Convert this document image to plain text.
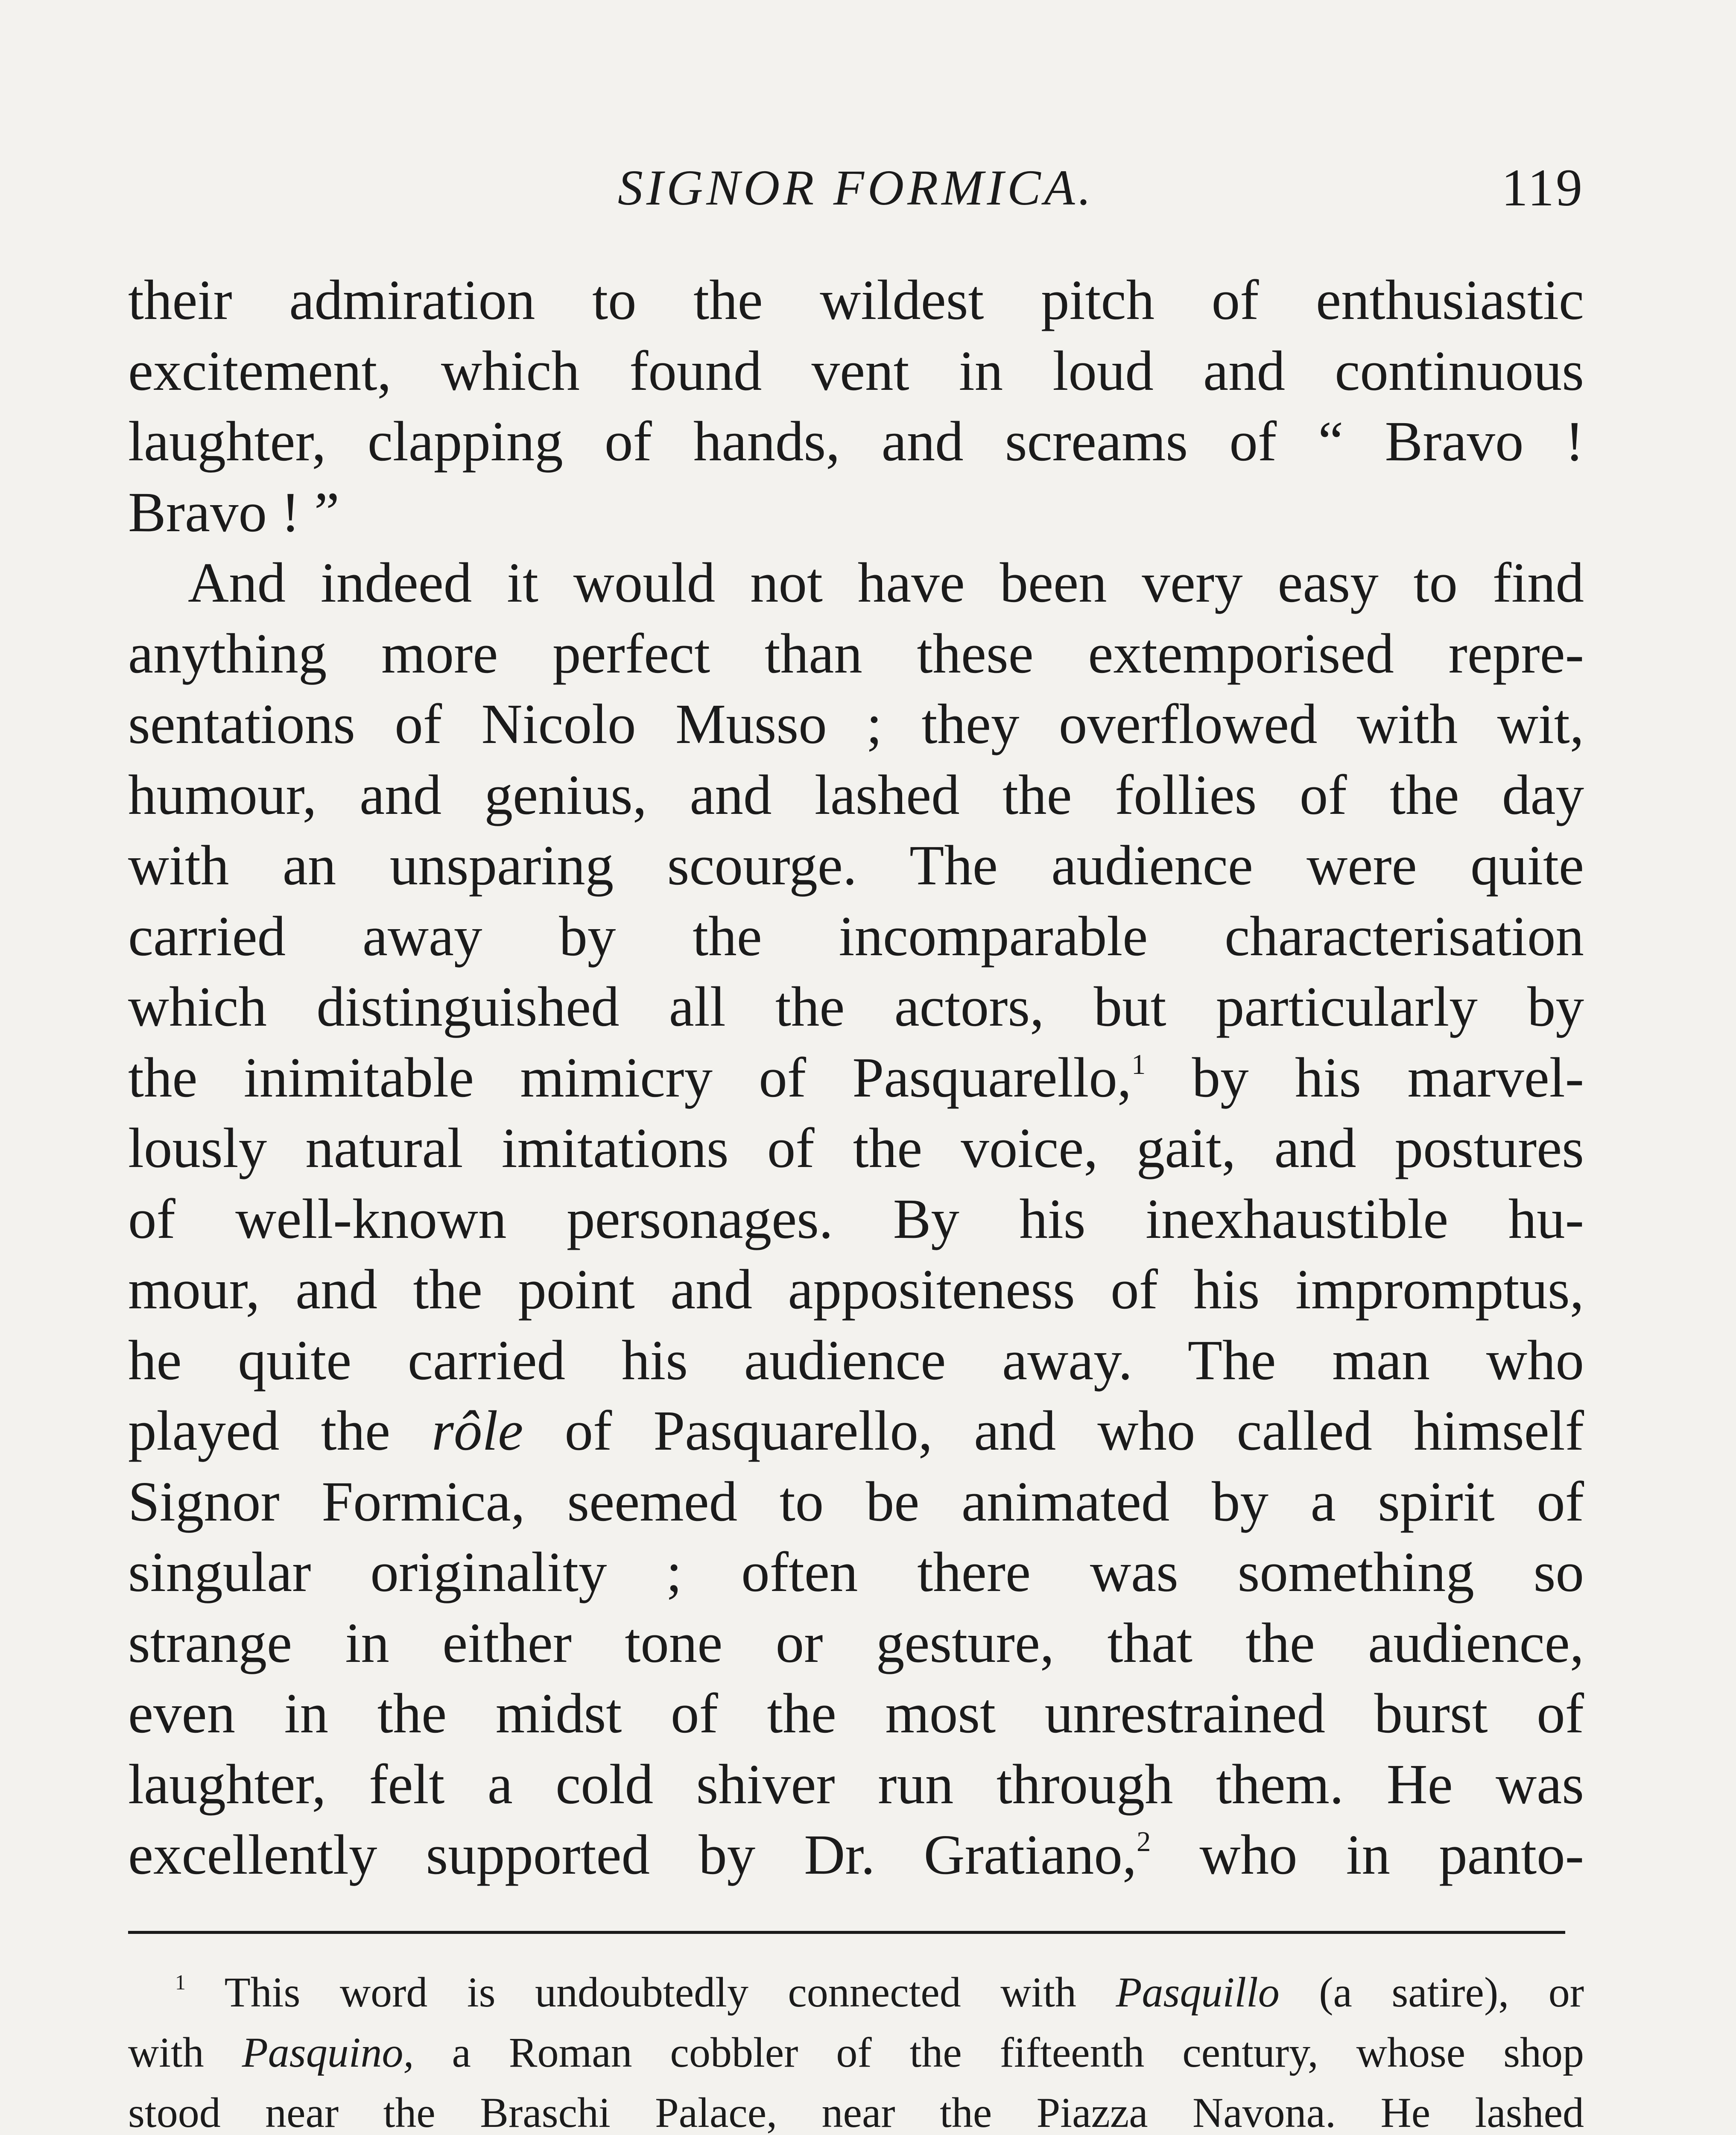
SIGNOR FORMICA.	119
their admiration to the wildest pitch of enthusiastic
excitement, which found vent in loud and continuous
laughter, clapping of hands, and screams of “ Bravo !
Bravo ! ”
And indeed it would not have been very easy to find
anything more perfect than these extemporised repre-
sentations of Nicolo Musso ; they overflowed with wit,
humour, and genius, and lashed the follies of the day
with an unsparing scourge. The audience were quite
carried away by the incomparable characterisation
which distinguished all the actors, but particularly by
the inimitable mimicry of Pasquarello,$^1$ by his marvel-
lously natural imitations of the voice, gait, and postures
of well-known personages. By his inexhaustible hu-
mour, and the point and appositeness of his impromptus,
he quite carried his audience away. The man who
played the rôle of Pasquarello, and who called himself
Signor Formica, seemed to be animated by a spirit of
singular originality ; often there was something so
strange in either tone or gesture, that the audience,
even in the midst of the most unrestrained burst of
laughter, felt a cold shiver run through them. He was
excellently supported by Dr. Gratiano,$^2$ who in panto-
$^1$ This word is undoubtedly connected with Pasquillo (a satire), or
with Pasquino, a Roman cobbler of the fifteenth century, whose shop
stood near the Braschi Palace, near the Piazza Navona. He lashed
